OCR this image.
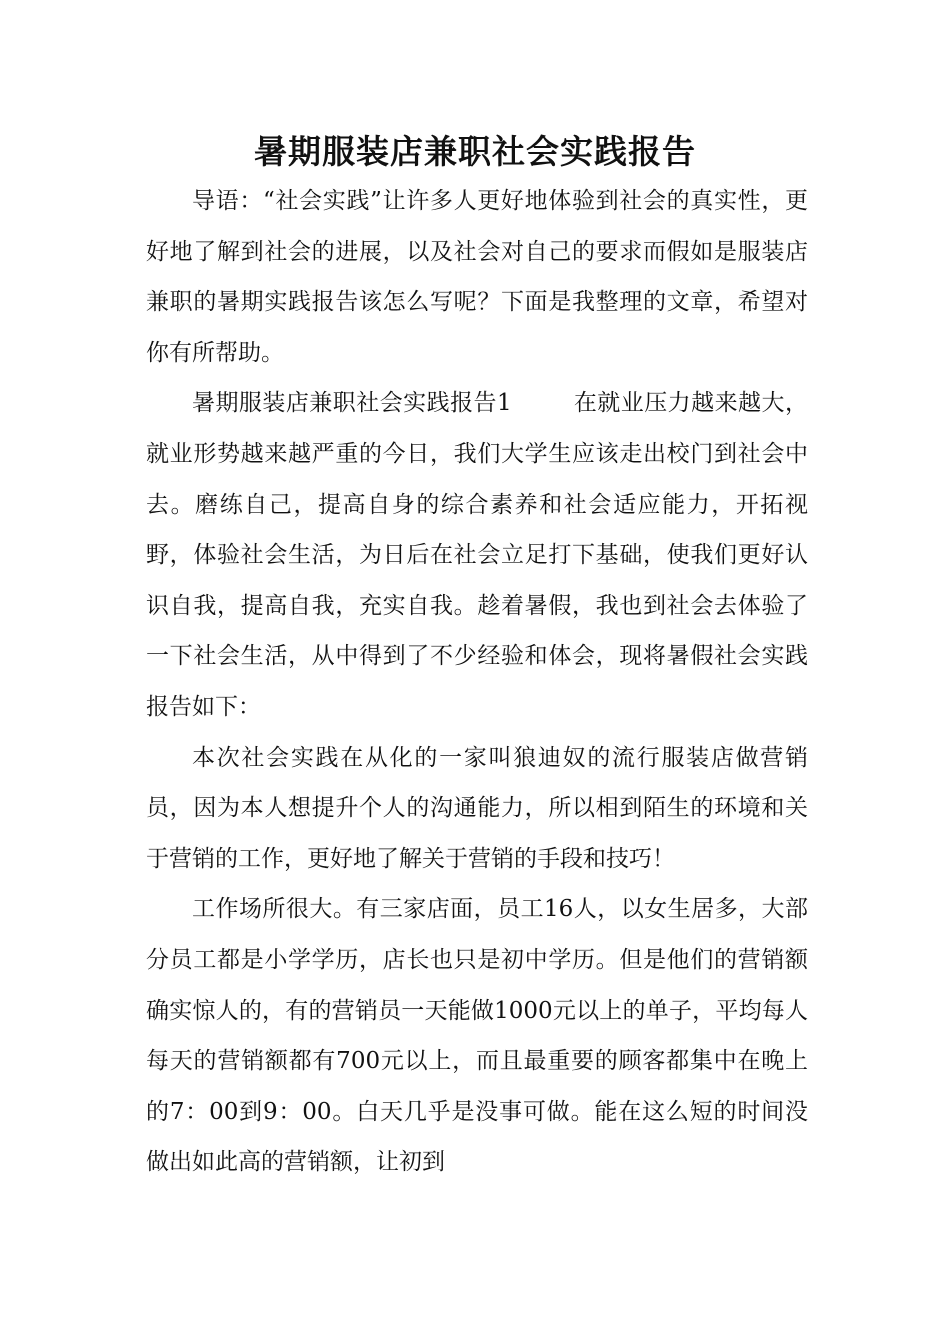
暑期服装店兼职社会实践报告

导语：“社会实践”让许多人更好地体验到社会的真实性，更好地了解到社会的进展，以及社会对自己的要求而假如是服装店兼职的暑期实践报告该怎么写呢？下面是我整理的文章，希望对你有所帮助。

暑期服装店兼职社会实践报告1	在就业压力越来越大，就业形势越来越严重的今日，我们大学生应该走出校门到社会中去。磨练自己，提高自身的综合素养和社会适应能力，开拓视野，体验社会生活，为日后在社会立足打下基础，使我们更好认识自我，提高自我，充实自我。趁着暑假，我也到社会去体验了一下社会生活，从中得到了不少经验和体会，现将暑假社会实践报告如下：

本次社会实践在从化的一家叫狼迪奴的流行服装店做营销员，因为本人想提升个人的沟通能力，所以相到陌生的环境和关于营销的工作，更好地了解关于营销的手段和技巧！

工作场所很大。有三家店面，员工16人，以女生居多，大部分员工都是小学学历，店长也只是初中学历。但是他们的营销额确实惊人的，有的营销员一天能做1000元以上的单子，平均每人每天的营销额都有700元以上，而且最重要的顾客都集中在晚上的7：00到9：00。白天几乎是没事可做。能在这么短的时间没做出如此高的营销额，让初到
